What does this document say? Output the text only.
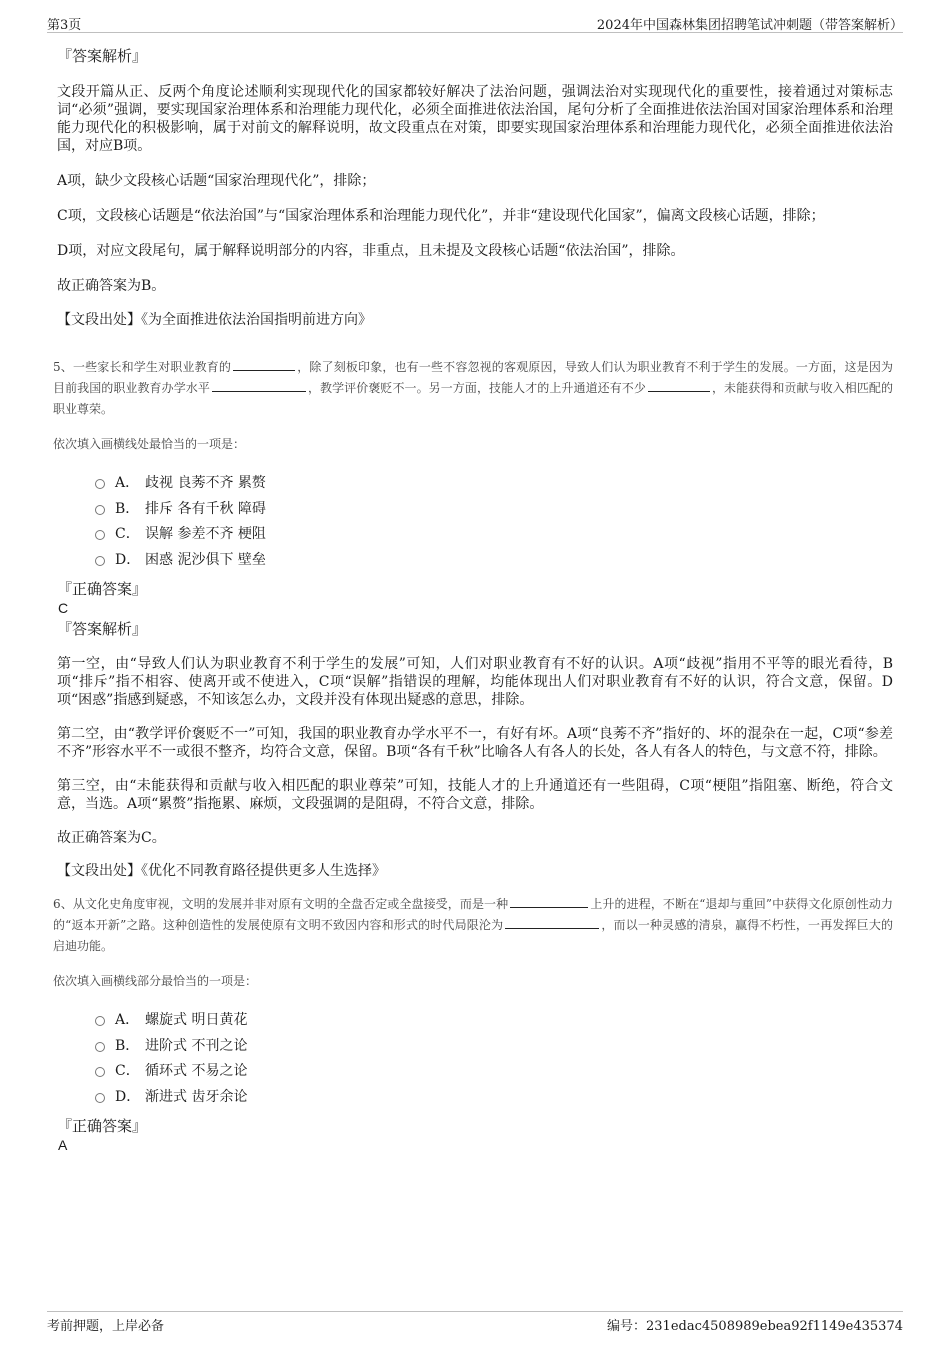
第3页	2024年中国森林集团招聘笔试冲刺题（带答案解析）
『答案解析』

文段开篇从正、反两个角度论述顺利实现现代化的国家都较好解决了法治问题，强调法治对实现现代化的重要性，接着通过对策标志词“必须”强调，要实现国家治理体系和治理能力现代化，必须全面推进依法治国，尾句分析了全面推进依法治国对国家治理体系和治理能力现代化的积极影响，属于对前文的解释说明，故文段重点在对策，即要实现国家治理体系和治理能力现代化，必须全面推进依法治国，对应B项。

A项，缺少文段核心话题“国家治理现代化”，排除；

C项，文段核心话题是“依法治国”与“国家治理体系和治理能力现代化”，并非“建设现代化国家”，偏离文段核心话题，排除；

D项，对应文段尾句，属于解释说明部分的内容，非重点，且未提及文段核心话题“依法治国”，排除。

故正确答案为B。

【文段出处】《为全面推进依法治国指明前进方向》

5、一些家长和学生对职业教育的	，除了刻板印象，也有一些不容忽视的客观原因，导致人们认为职业教育不利于学生的发展。一方面，这是因为目前我国的职业教育办学水平	，教学评价褒贬不一。另一方面，技能人才的上升通道还有不少	，未能获得和贡献与收入相匹配的职业尊荣。
依次填入画横线处最恰当的一项是：
A． 歧视 良莠不齐 累赘
B． 排斥 各有千秋 障碍
C． 误解 参差不齐 梗阻
D． 困惑 泥沙俱下 壁垒
『正确答案』
C
『答案解析』

第一空，由“导致人们认为职业教育不利于学生的发展”可知，人们对职业教育有不好的认识。A项“歧视”指用不平等的眼光看待，B项“排斥”指不相容、使离开或不使进入，C项“误解”指错误的理解，均能体现出人们对职业教育有不好的认识，符合文意，保留。D项“困惑”指感到疑惑，不知该怎么办，文段并没有体现出疑惑的意思，排除。

第二空，由“教学评价褒贬不一”可知，我国的职业教育办学水平不一，有好有坏。A项“良莠不齐”指好的、坏的混杂在一起，C项“参差不齐”形容水平不一或很不整齐，均符合文意，保留。B项“各有千秋”比喻各人有各人的长处，各人有各人的特色，与文意不符，排除。

第三空，由“未能获得和贡献与收入相匹配的职业尊荣”可知，技能人才的上升通道还有一些阻碍，C项“梗阻”指阻塞、断绝，符合文意，当选。A项“累赘”指拖累、麻烦，文段强调的是阻碍，不符合文意，排除。

故正确答案为C。

【文段出处】《优化不同教育路径提供更多人生选择》

6、从文化史角度审视，文明的发展并非对原有文明的全盘否定或全盘接受，而是一种	上升的进程，不断在“退却与重回”中获得文化原创性动力的“返本开新”之路。这种创造性的发展使原有文明不致因内容和形式的时代局限沦为	，而以一种灵感的清泉，赢得不朽性，一再发挥巨大的启迪功能。
依次填入画横线部分最恰当的一项是：
A． 螺旋式 明日黄花
B． 进阶式 不刊之论
C． 循环式 不易之论
D． 渐进式 齿牙余论
『正确答案』
A
考前押题，上岸必备	编号：231edac4508989ebea92f1149e435374
